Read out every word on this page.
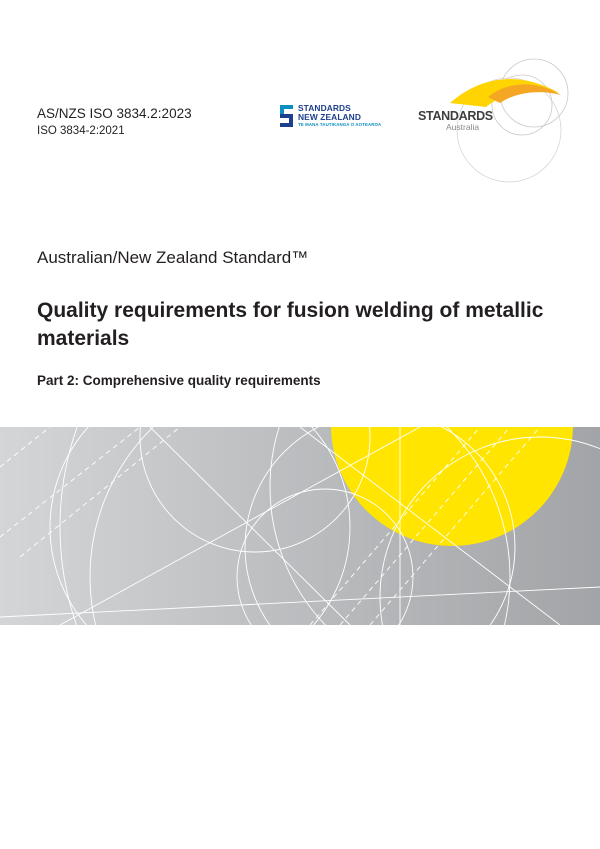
AS/NZS ISO 3834.2:2023
ISO 3834-2:2021
STANDARDS
NEW ZEALAND
TE MANA TAUTIKANGA O AOTEAROA
STANDARDS
Australia
Australian/New Zealand Standard™
Quality requirements for fusion welding of metallic materials
Part 2: Comprehensive quality requirements
